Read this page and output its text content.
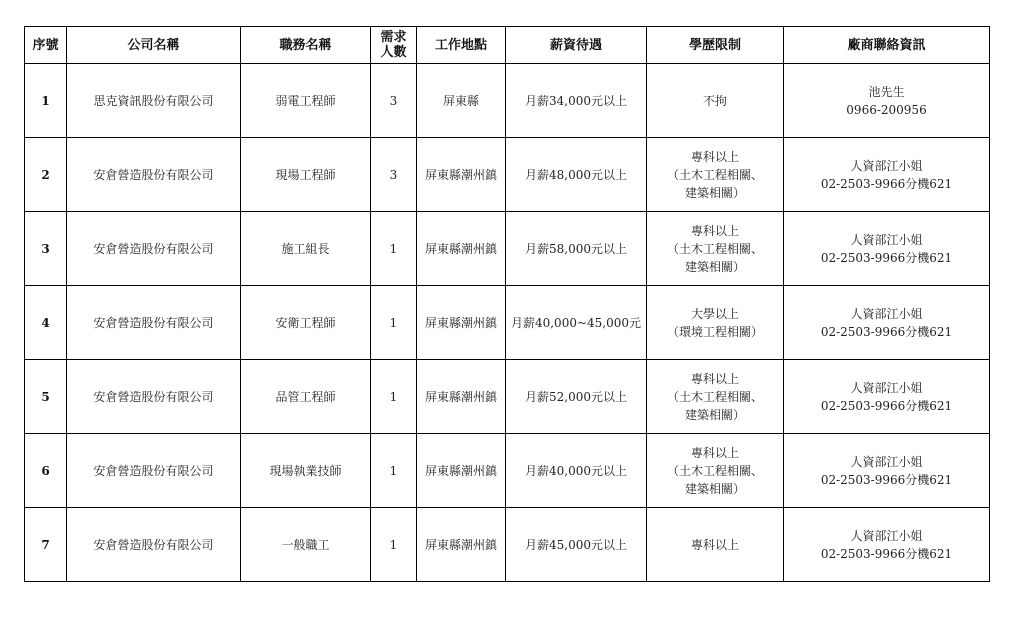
序號	公司名稱	職務名稱	需求
人數	工作地點	薪資待遇	學歷限制	廠商聯絡資訊
1	思克資訊股份有限公司	弱電工程師	3	屏東縣	月薪34,000元以上	不拘	池先生
0966-200956

2	安倉營造股份有限公司	現場工程師	3	屏東縣潮州鎮	月薪48,000元以上	專科以上
（土木工程相關、
建築相關）	人資部江小姐
02-2503-9966分機621

3	安倉營造股份有限公司	施工組長	1	屏東縣潮州鎮	月薪58,000元以上	專科以上
（土木工程相關、
建築相關）	人資部江小姐
02-2503-9966分機621

4	安倉營造股份有限公司	安衛工程師	1	屏東縣潮州鎮	月薪40,000~45,000元	大學以上
（環境工程相關）	人資部江小姐
02-2503-9966分機621

5	安倉營造股份有限公司	品管工程師	1	屏東縣潮州鎮	月薪52,000元以上	專科以上
（土木工程相關、
建築相關）	人資部江小姐
02-2503-9966分機621

6	安倉營造股份有限公司	現場執業技師	1	屏東縣潮州鎮	月薪40,000元以上	專科以上
（土木工程相關、
建築相關）	人資部江小姐
02-2503-9966分機621

7	安倉營造股份有限公司	一般職工	1	屏東縣潮州鎮	月薪45,000元以上	專科以上	人資部江小姐
02-2503-9966分機621
